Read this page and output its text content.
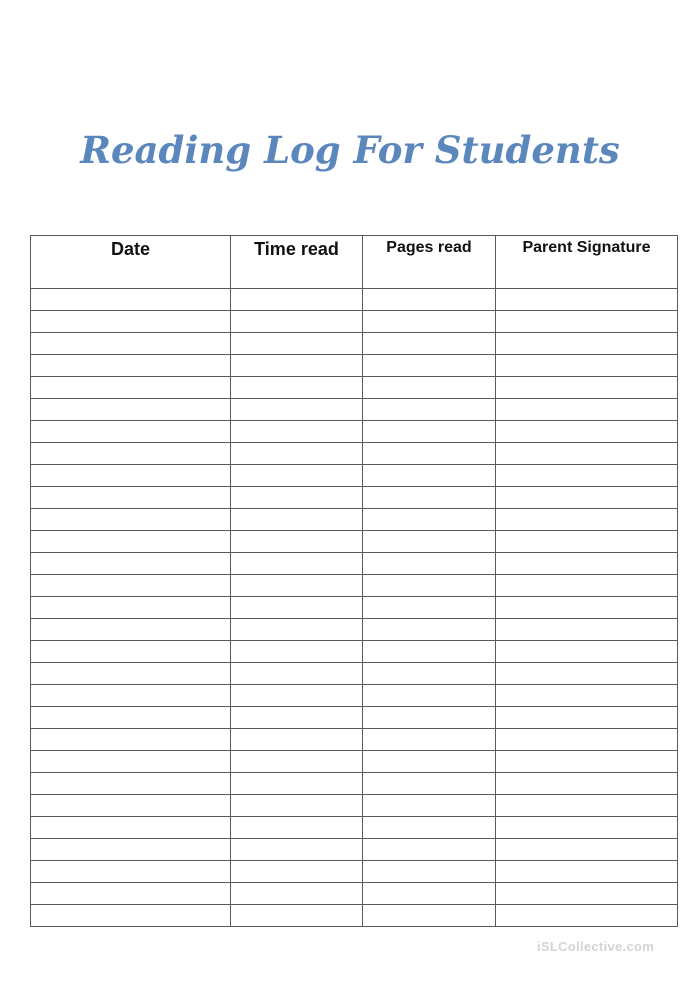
Reading Log For Students
Date	Time read	Pages read	Parent Signature

iSLCollective.com
